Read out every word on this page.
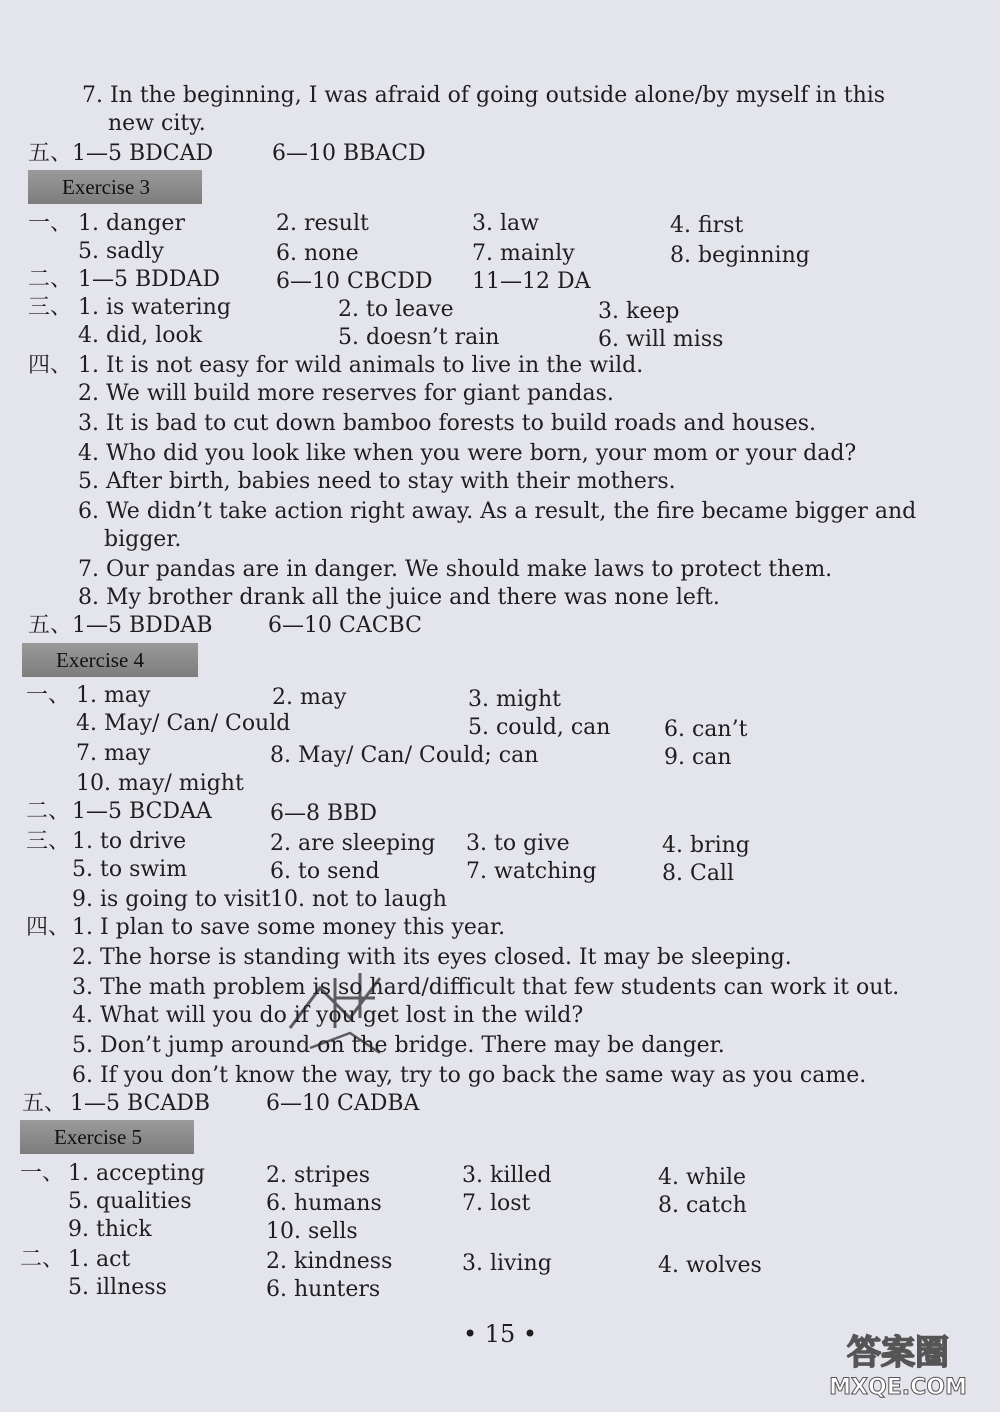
7. In the beginning, I was afraid of going outside alone/by myself in this
new city.
五、 1—5 BDCAD	6—10 BBACD
Exercise 3
一、 1. danger	2. result	3. law	4. first
5. sadly	6. none	7. mainly	8. beginning
二、 1—5 BDDAD	6—10 CBCDD 11—12 DA
三、 1. is watering	2. to leave	3. keep
4. did, look	5. doesn’t rain	6. will miss
四、 1. It is not easy for wild animals to live in the wild.
2. We will build more reserves for giant pandas.
3. It is bad to cut down bamboo forests to build roads and houses.
4. Who did you look like when you were born, your mom or your dad?
5. After birth, babies need to stay with their mothers.
6. We didn’t take action right away. As a result, the fire became bigger and
bigger.
7. Our pandas are in danger. We should make laws to protect them.
8. My brother drank all the juice and there was none left.
五、 1—5 BDDAB	6—10 CACBC
Exercise 4
一、 1. may	2. may	3. might
4. May/ Can/ Could	5. could, can 6. can’t
7. may	8. May/ Can/ Could; can	9. can
10. may/ might
二、 1—5 BCDAA	6—8 BBD
三、 1. to drive	2. are sleeping 3. to give	4. bring
5. to swim	6. to send	7. watching	8. Call
9. is going to visit 10. not to laugh
四、 1. I plan to save some money this year.
2. The horse is standing with its eyes closed. It may be sleeping.
3. The math problem is so hard/difficult that few students can work it out.
4. What will you do if you get lost in the wild?
5. Don’t jump around on the bridge. There may be danger.
6. If you don’t know the way, try to go back the same way as you came.
五、 1—5 BCADB	6—10 CADBA
Exercise 5
一、 1. accepting	2. stripes	3. killed	4. while
5. qualities	6. humans	7. lost	8. catch
9. thick	10. sells
二、 1. act	2. kindness	3. living	4. wolves
5. illness	6. hunters
• 15 •	答案圈
MXQE.COM
